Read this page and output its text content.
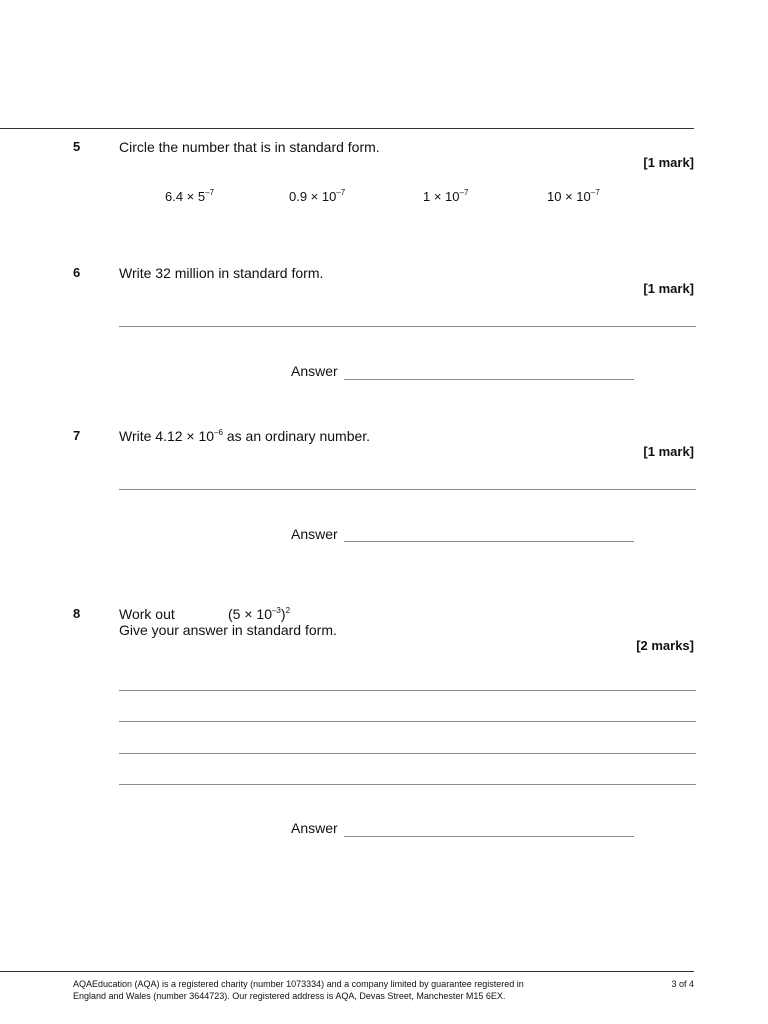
5	Circle the number that is in standard form.
[1 mark]
$6.4 \times 5^{-7}$	$0.9 \times 10^{-7}$	$1 \times 10^{-7}$	$10 \times 10^{-7}$
6	Write 32 million in standard form.
[1 mark]
Answer
7	Write $4.12 \times 10^{-6}$ as an ordinary number.
[1 mark]
Answer
8	Work out	$(5 \times 10^{-3})^2$
Give your answer in standard form.
[2 marks]
Answer
AQAEducation (AQA) is a registered charity (number 1073334) and a company limited by guarantee registered in
England and Wales (number 3644723). Our registered address is AQA, Devas Street, Manchester M15 6EX.
3 of 4
